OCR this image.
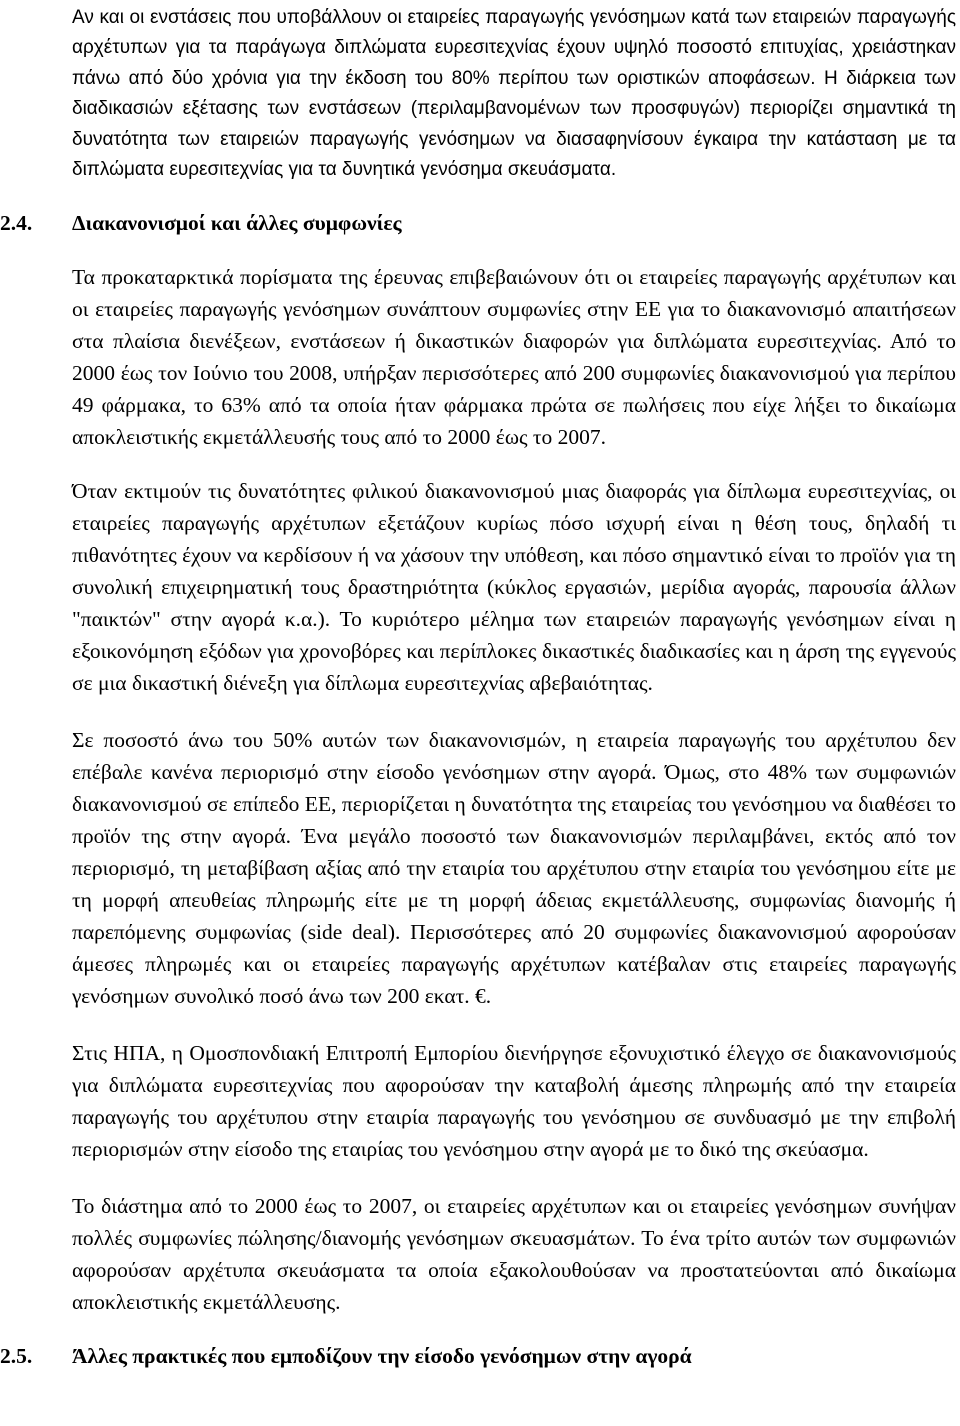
Αν και οι ενστάσεις που υποβάλλουν οι εταιρείες παραγωγής γενόσημων κατά των εταιρειών παραγωγής αρχέτυπων για τα παράγωγα διπλώματα ευρεσιτεχνίας έχουν υψηλό ποσοστό επιτυχίας, χρειάστηκαν πάνω από δύο χρόνια για την έκδοση του 80% περίπου των οριστικών αποφάσεων. Η διάρκεια των διαδικασιών εξέτασης των ενστάσεων (περιλαμβανομένων των προσφυγών) περιορίζει σημαντικά τη δυνατότητα των εταιρειών παραγωγής γενόσημων να διασαφηνίσουν έγκαιρα την κατάσταση με τα διπλώματα ευρεσιτεχνίας για τα δυνητικά γενόσημα σκευάσματα.

2.4. Διακανονισμοί και άλλες συμφωνίες

Τα προκαταρκτικά πορίσματα της έρευνας επιβεβαιώνουν ότι οι εταιρείες παραγωγής αρχέτυπων και οι εταιρείες παραγωγής γενόσημων συνάπτουν συμφωνίες στην ΕΕ για το διακανονισμό απαιτήσεων στα πλαίσια διενέξεων, ενστάσεων ή δικαστικών διαφορών για διπλώματα ευρεσιτεχνίας. Από το 2000 έως τον Ιούνιο του 2008, υπήρξαν περισσότερες από 200 συμφωνίες διακανονισμού για περίπου 49 φάρμακα, το 63% από τα οποία ήταν φάρμακα πρώτα σε πωλήσεις που είχε λήξει το δικαίωμα αποκλειστικής εκμετάλλευσής τους από το 2000 έως το 2007.

Όταν εκτιμούν τις δυνατότητες φιλικού διακανονισμού μιας διαφοράς για δίπλωμα ευρεσιτεχνίας, οι εταιρείες παραγωγής αρχέτυπων εξετάζουν κυρίως πόσο ισχυρή είναι η θέση τους, δηλαδή τι πιθανότητες έχουν να κερδίσουν ή να χάσουν την υπόθεση, και πόσο σημαντικό είναι το προϊόν για τη συνολική επιχειρηματική τους δραστηριότητα (κύκλος εργασιών, μερίδια αγοράς, παρουσία άλλων "παικτών" στην αγορά κ.α.). Το κυριότερο μέλημα των εταιρειών παραγωγής γενόσημων είναι η εξοικονόμηση εξόδων για χρονοβόρες και περίπλοκες δικαστικές διαδικασίες και η άρση της εγγενούς σε μια δικαστική διένεξη για δίπλωμα ευρεσιτεχνίας αβεβαιότητας.

Σε ποσοστό άνω του 50% αυτών των διακανονισμών, η εταιρεία παραγωγής του αρχέτυπου δεν επέβαλε κανένα περιορισμό στην είσοδο γενόσημων στην αγορά. Όμως, στο 48% των συμφωνιών διακανονισμού σε επίπεδο ΕΕ, περιορίζεται η δυνατότητα της εταιρείας του γενόσημου να διαθέσει το προϊόν της στην αγορά. Ένα μεγάλο ποσοστό των διακανονισμών περιλαμβάνει, εκτός από τον περιορισμό, τη μεταβίβαση αξίας από την εταιρία του αρχέτυπου στην εταιρία του γενόσημου είτε με τη μορφή απευθείας πληρωμής είτε με τη μορφή άδειας εκμετάλλευσης, συμφωνίας διανομής ή παρεπόμενης συμφωνίας (side deal). Περισσότερες από 20 συμφωνίες διακανονισμού αφορούσαν άμεσες πληρωμές και οι εταιρείες παραγωγής αρχέτυπων κατέβαλαν στις εταιρείες παραγωγής γενόσημων συνολικό ποσό άνω των 200 εκατ. €.

Στις ΗΠΑ, η Ομοσπονδιακή Επιτροπή Εμπορίου διενήργησε εξονυχιστικό έλεγχο σε διακανονισμούς για διπλώματα ευρεσιτεχνίας που αφορούσαν την καταβολή άμεσης πληρωμής από την εταιρεία παραγωγής του αρχέτυπου στην εταιρία παραγωγής του γενόσημου σε συνδυασμό με την επιβολή περιορισμών στην είσοδο της εταιρίας του γενόσημου στην αγορά με το δικό της σκεύασμα.

Το διάστημα από το 2000 έως το 2007, οι εταιρείες αρχέτυπων και οι εταιρείες γενόσημων συνήψαν πολλές συμφωνίες πώλησης/διανομής γενόσημων σκευασμάτων. Το ένα τρίτο αυτών των συμφωνιών αφορούσαν αρχέτυπα σκευάσματα τα οποία εξακολουθούσαν να προστατεύονται από δικαίωμα αποκλειστικής εκμετάλλευσης.

2.5. Άλλες πρακτικές που εμποδίζουν την είσοδο γενόσημων στην αγορά
